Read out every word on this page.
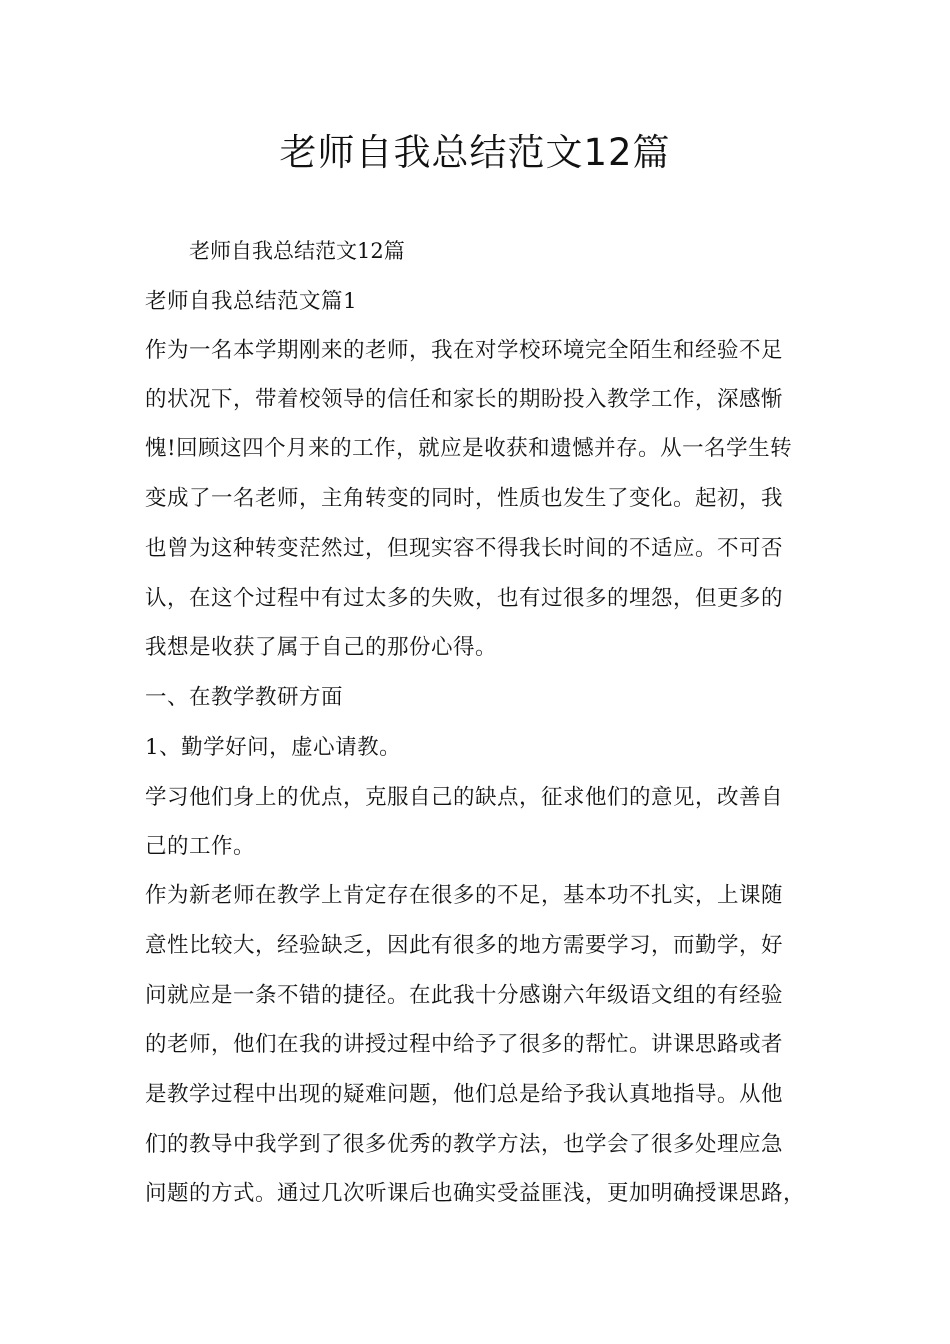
老师自我总结范文12篇
老师自我总结范文12篇
老师自我总结范文篇1
作为一名本学期刚来的老师，我在对学校环境完全陌生和经验不足
的状况下，带着校领导的信任和家长的期盼投入教学工作，深感惭
愧!回顾这四个月来的工作，就应是收获和遗憾并存。从一名学生转
变成了一名老师，主角转变的同时，性质也发生了变化。起初，我
也曾为这种转变茫然过，但现实容不得我长时间的不适应。不可否
认，在这个过程中有过太多的失败，也有过很多的埋怨，但更多的
我想是收获了属于自己的那份心得。
一、在教学教研方面
1、勤学好问，虚心请教。
学习他们身上的优点，克服自己的缺点，征求他们的意见，改善自
己的工作。
作为新老师在教学上肯定存在很多的不足，基本功不扎实，上课随
意性比较大，经验缺乏，因此有很多的地方需要学习，而勤学，好
问就应是一条不错的捷径。在此我十分感谢六年级语文组的有经验
的老师，他们在我的讲授过程中给予了很多的帮忙。讲课思路或者
是教学过程中出现的疑难问题，他们总是给予我认真地指导。从他
们的教导中我学到了很多优秀的教学方法，也学会了很多处理应急
问题的方式。通过几次听课后也确实受益匪浅，更加明确授课思路，
